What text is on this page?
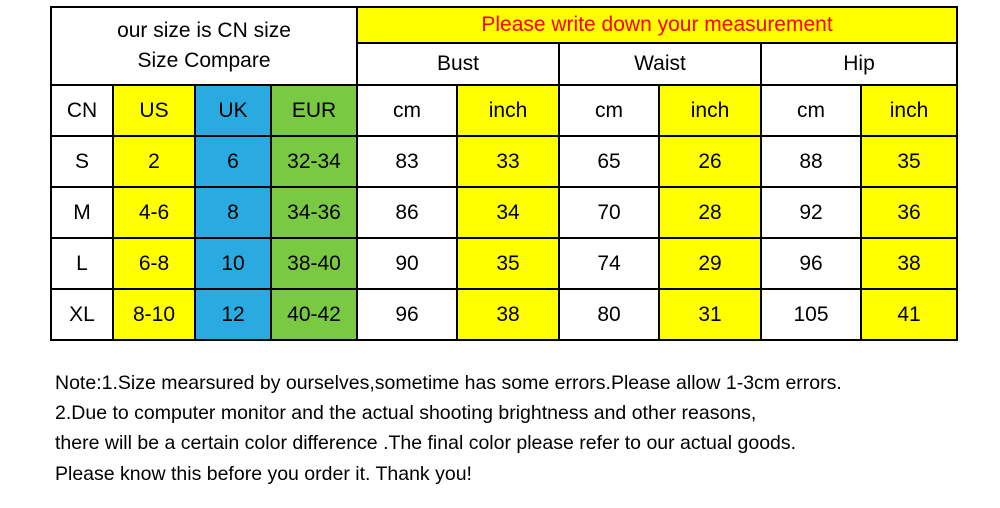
our size is CN size
Size Compare				Please write down your measurement					
				Bust		Waist		Hip	
CN	US	UK	EUR	cm	inch	cm	inch	cm	inch
S	2	6	32-34	83	33	65	26	88	35
M	4-6	8	34-36	86	34	70	28	92	36
L	6-8	10	38-40	90	35	74	29	96	38
XL	8-10	12	40-42	96	38	80	31	105	41
Note:1.Size mearsured by ourselves,sometime has some errors.Please allow 1-3cm errors.
2.Due to computer monitor and the actual shooting brightness and other reasons,
there will be a certain color difference .The final color please refer to our actual goods.
Please know this before you order it. Thank you!
